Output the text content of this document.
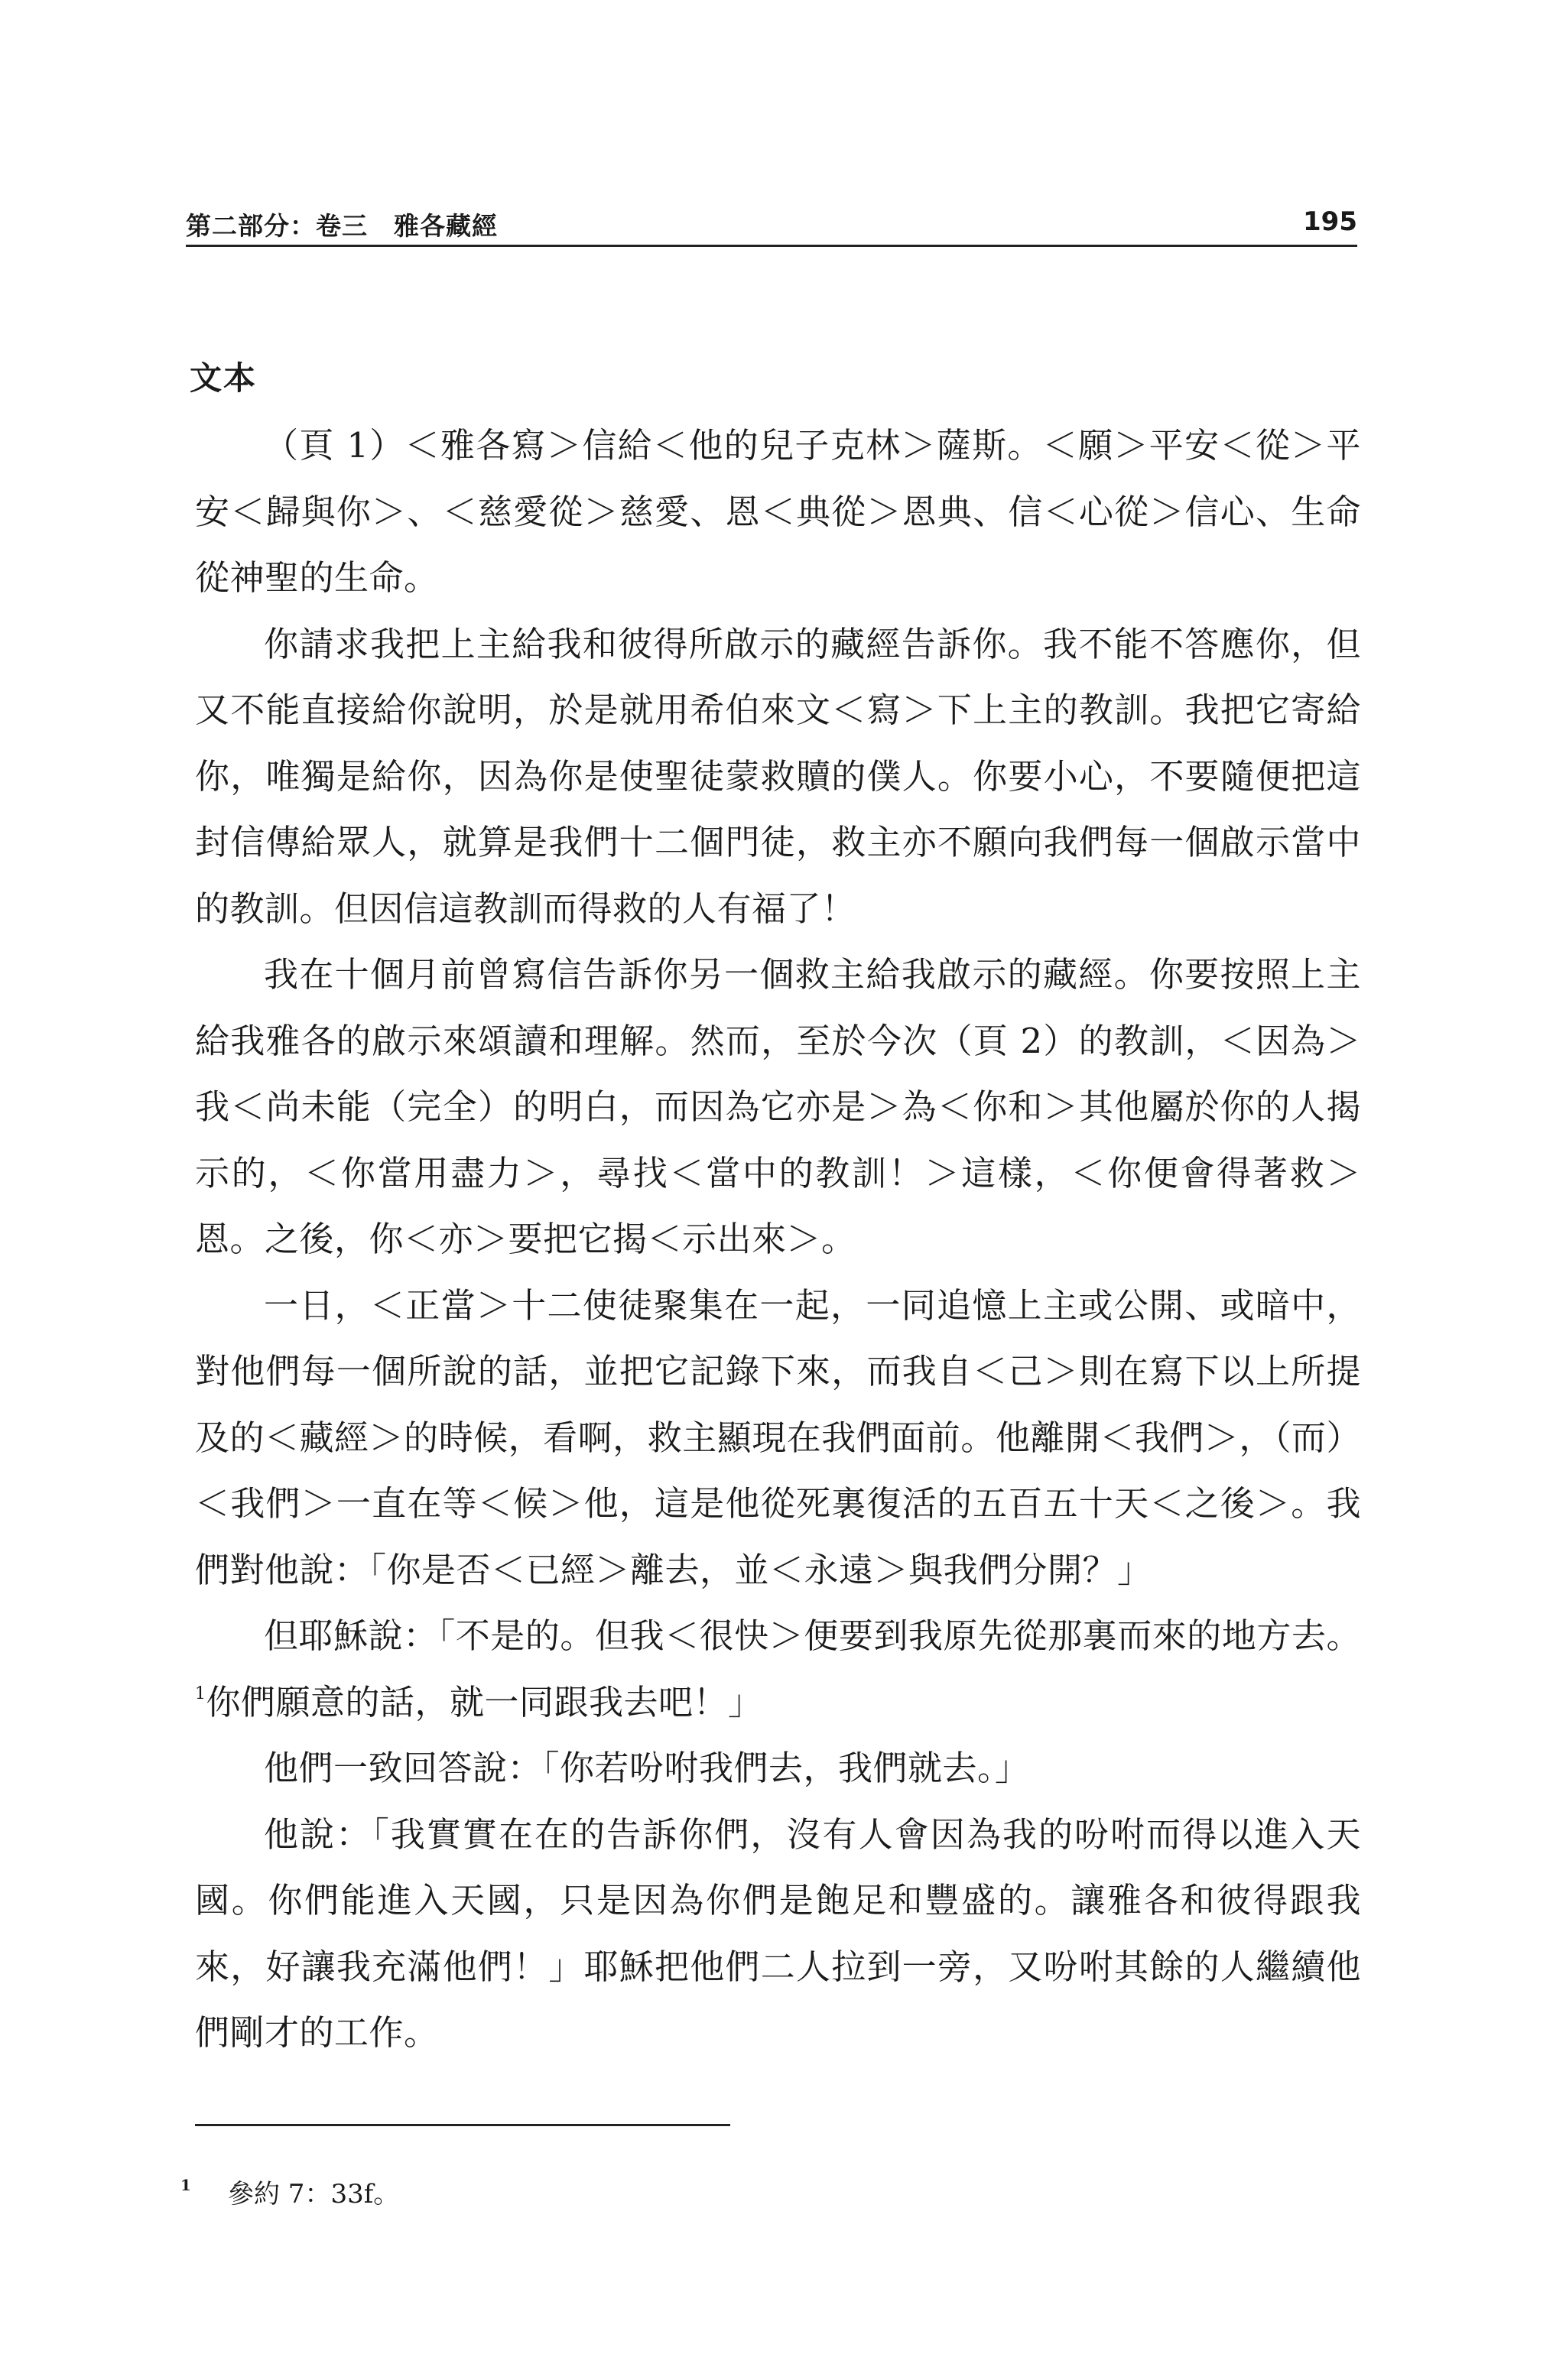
第二部分：卷三　雅各藏經	195
文本

（頁 1）＜雅各寫＞信給＜他的兒子克林＞薩斯。＜願＞平安＜從＞平安＜歸與你＞、＜慈愛從＞慈愛、恩＜典從＞恩典、信＜心從＞信心、生命從神聖的生命。

你請求我把上主給我和彼得所啟示的藏經告訴你。我不能不答應你，但又不能直接給你說明，於是就用希伯來文＜寫＞下上主的教訓。我把它寄給你，唯獨是給你，因為你是使聖徒蒙救贖的僕人。你要小心，不要隨便把這封信傳給眾人，就算是我們十二個門徒，救主亦不願向我們每一個啟示當中的教訓。但因信這教訓而得救的人有福了！

我在十個月前曾寫信告訴你另一個救主給我啟示的藏經。你要按照上主給我雅各的啟示來頌讀和理解。然而，至於今次（頁 2）的教訓，＜因為＞我＜尚未能（完全）的明白，而因為它亦是＞為＜你和＞其他屬於你的人揭示的，＜你當用盡力＞，尋找＜當中的教訓！＞這樣，＜你便會得著救＞恩。之後，你＜亦＞要把它揭＜示出來＞。

一日，＜正當＞十二使徒聚集在一起，一同追憶上主或公開、或暗中，對他們每一個所說的話，並把它記錄下來，而我自＜己＞則在寫下以上所提及的＜藏經＞的時候，看啊，救主顯現在我們面前。他離開＜我們＞，（而）＜我們＞一直在等＜候＞他，這是他從死裏復活的五百五十天＜之後＞。我們對他說：「你是否＜已經＞離去，並＜永遠＞與我們分開？」

但耶穌說：「不是的。但我＜很快＞便要到我原先從那裏而來的地方去。$^1$你們願意的話，就一同跟我去吧！」

他們一致回答說：「你若吩咐我們去，我們就去。」

他說：「我實實在在的告訴你們，沒有人會因為我的吩咐而得以進入天國。你們能進入天國，只是因為你們是飽足和豐盛的。讓雅各和彼得跟我來，好讓我充滿他們！」耶穌把他們二人拉到一旁，又吩咐其餘的人繼續他們剛才的工作。

1 參約 7：33f。
